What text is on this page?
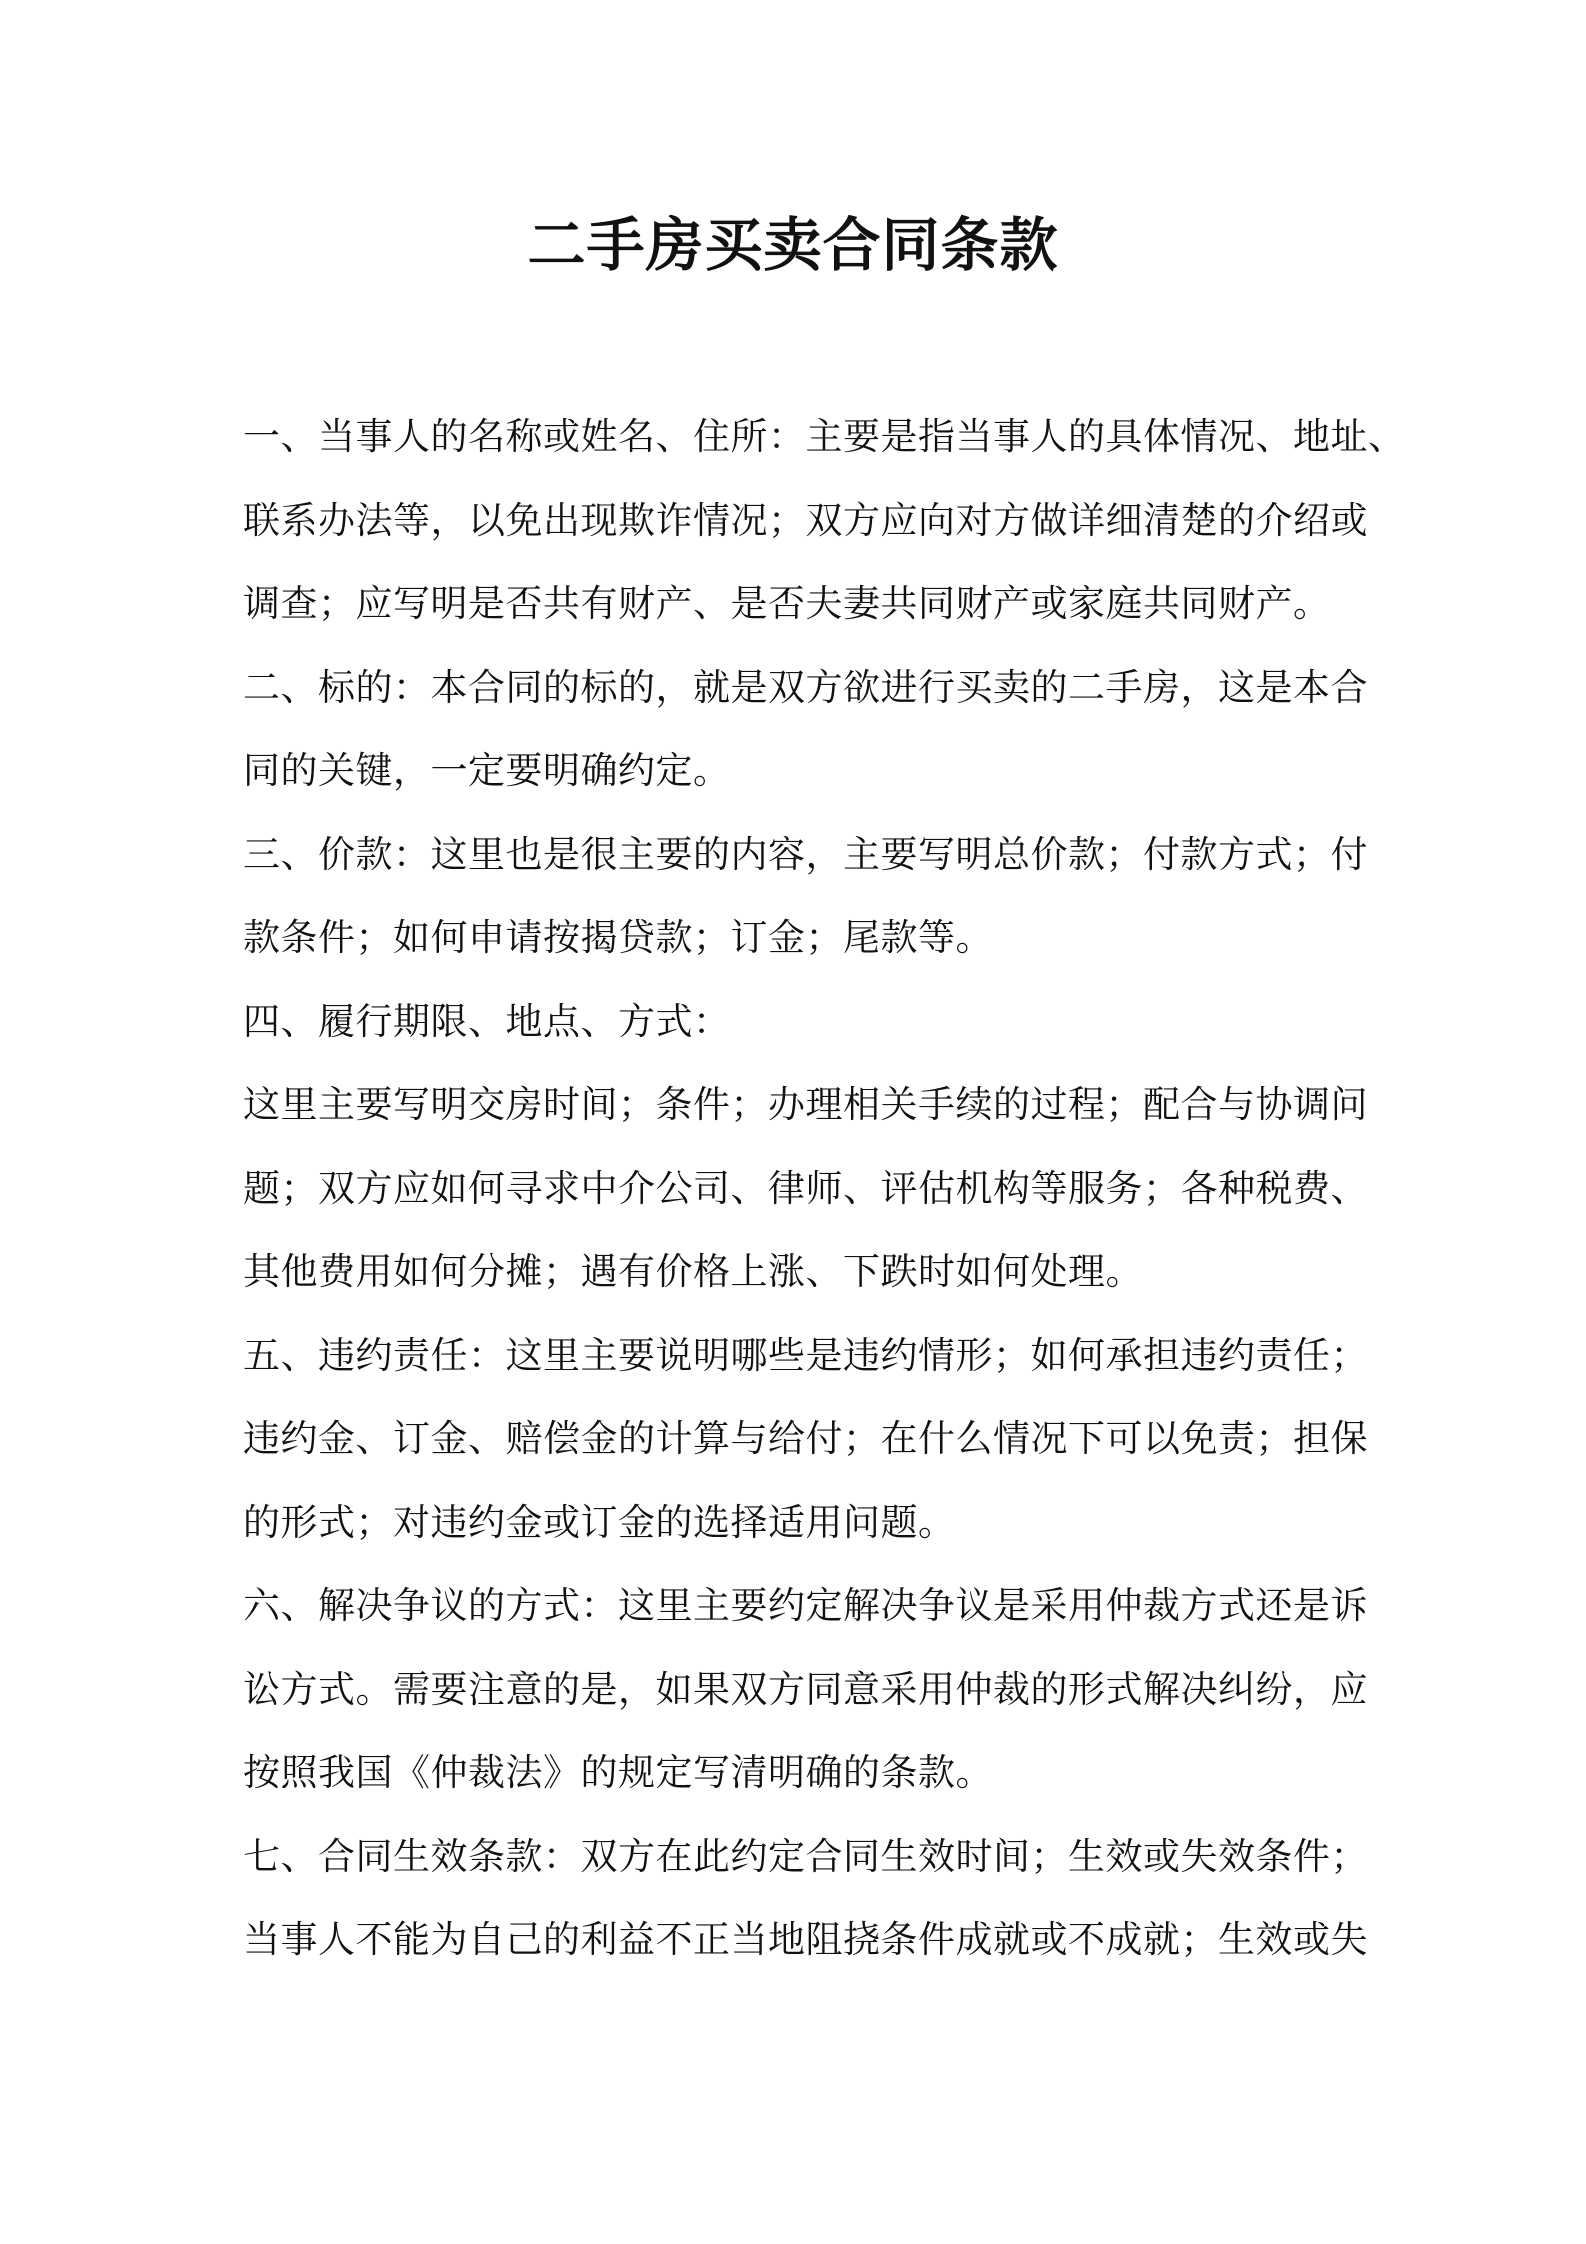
二手房买卖合同条款
一、当事人的名称或姓名、住所：主要是指当事人的具体情况、地址、
联系办法等，以免出现欺诈情况；双方应向对方做详细清楚的介绍或
调查；应写明是否共有财产、是否夫妻共同财产或家庭共同财产。
二、标的：本合同的标的，就是双方欲进行买卖的二手房，这是本合
同的关键，一定要明确约定。
三、价款：这里也是很主要的内容，主要写明总价款；付款方式；付
款条件；如何申请按揭贷款；订金；尾款等。
四、履行期限、地点、方式：
这里主要写明交房时间；条件；办理相关手续的过程；配合与协调问
题；双方应如何寻求中介公司、律师、评估机构等服务；各种税费、
其他费用如何分摊；遇有价格上涨、下跌时如何处理。
五、违约责任：这里主要说明哪些是违约情形；如何承担违约责任；
违约金、订金、赔偿金的计算与给付；在什么情况下可以免责；担保
的形式；对违约金或订金的选择适用问题。
六、解决争议的方式：这里主要约定解决争议是采用仲裁方式还是诉
讼方式。需要注意的是，如果双方同意采用仲裁的形式解决纠纷，应
按照我国《仲裁法》的规定写清明确的条款。
七、合同生效条款：双方在此约定合同生效时间；生效或失效条件；
当事人不能为自己的利益不正当地阻挠条件成就或不成就；生效或失
